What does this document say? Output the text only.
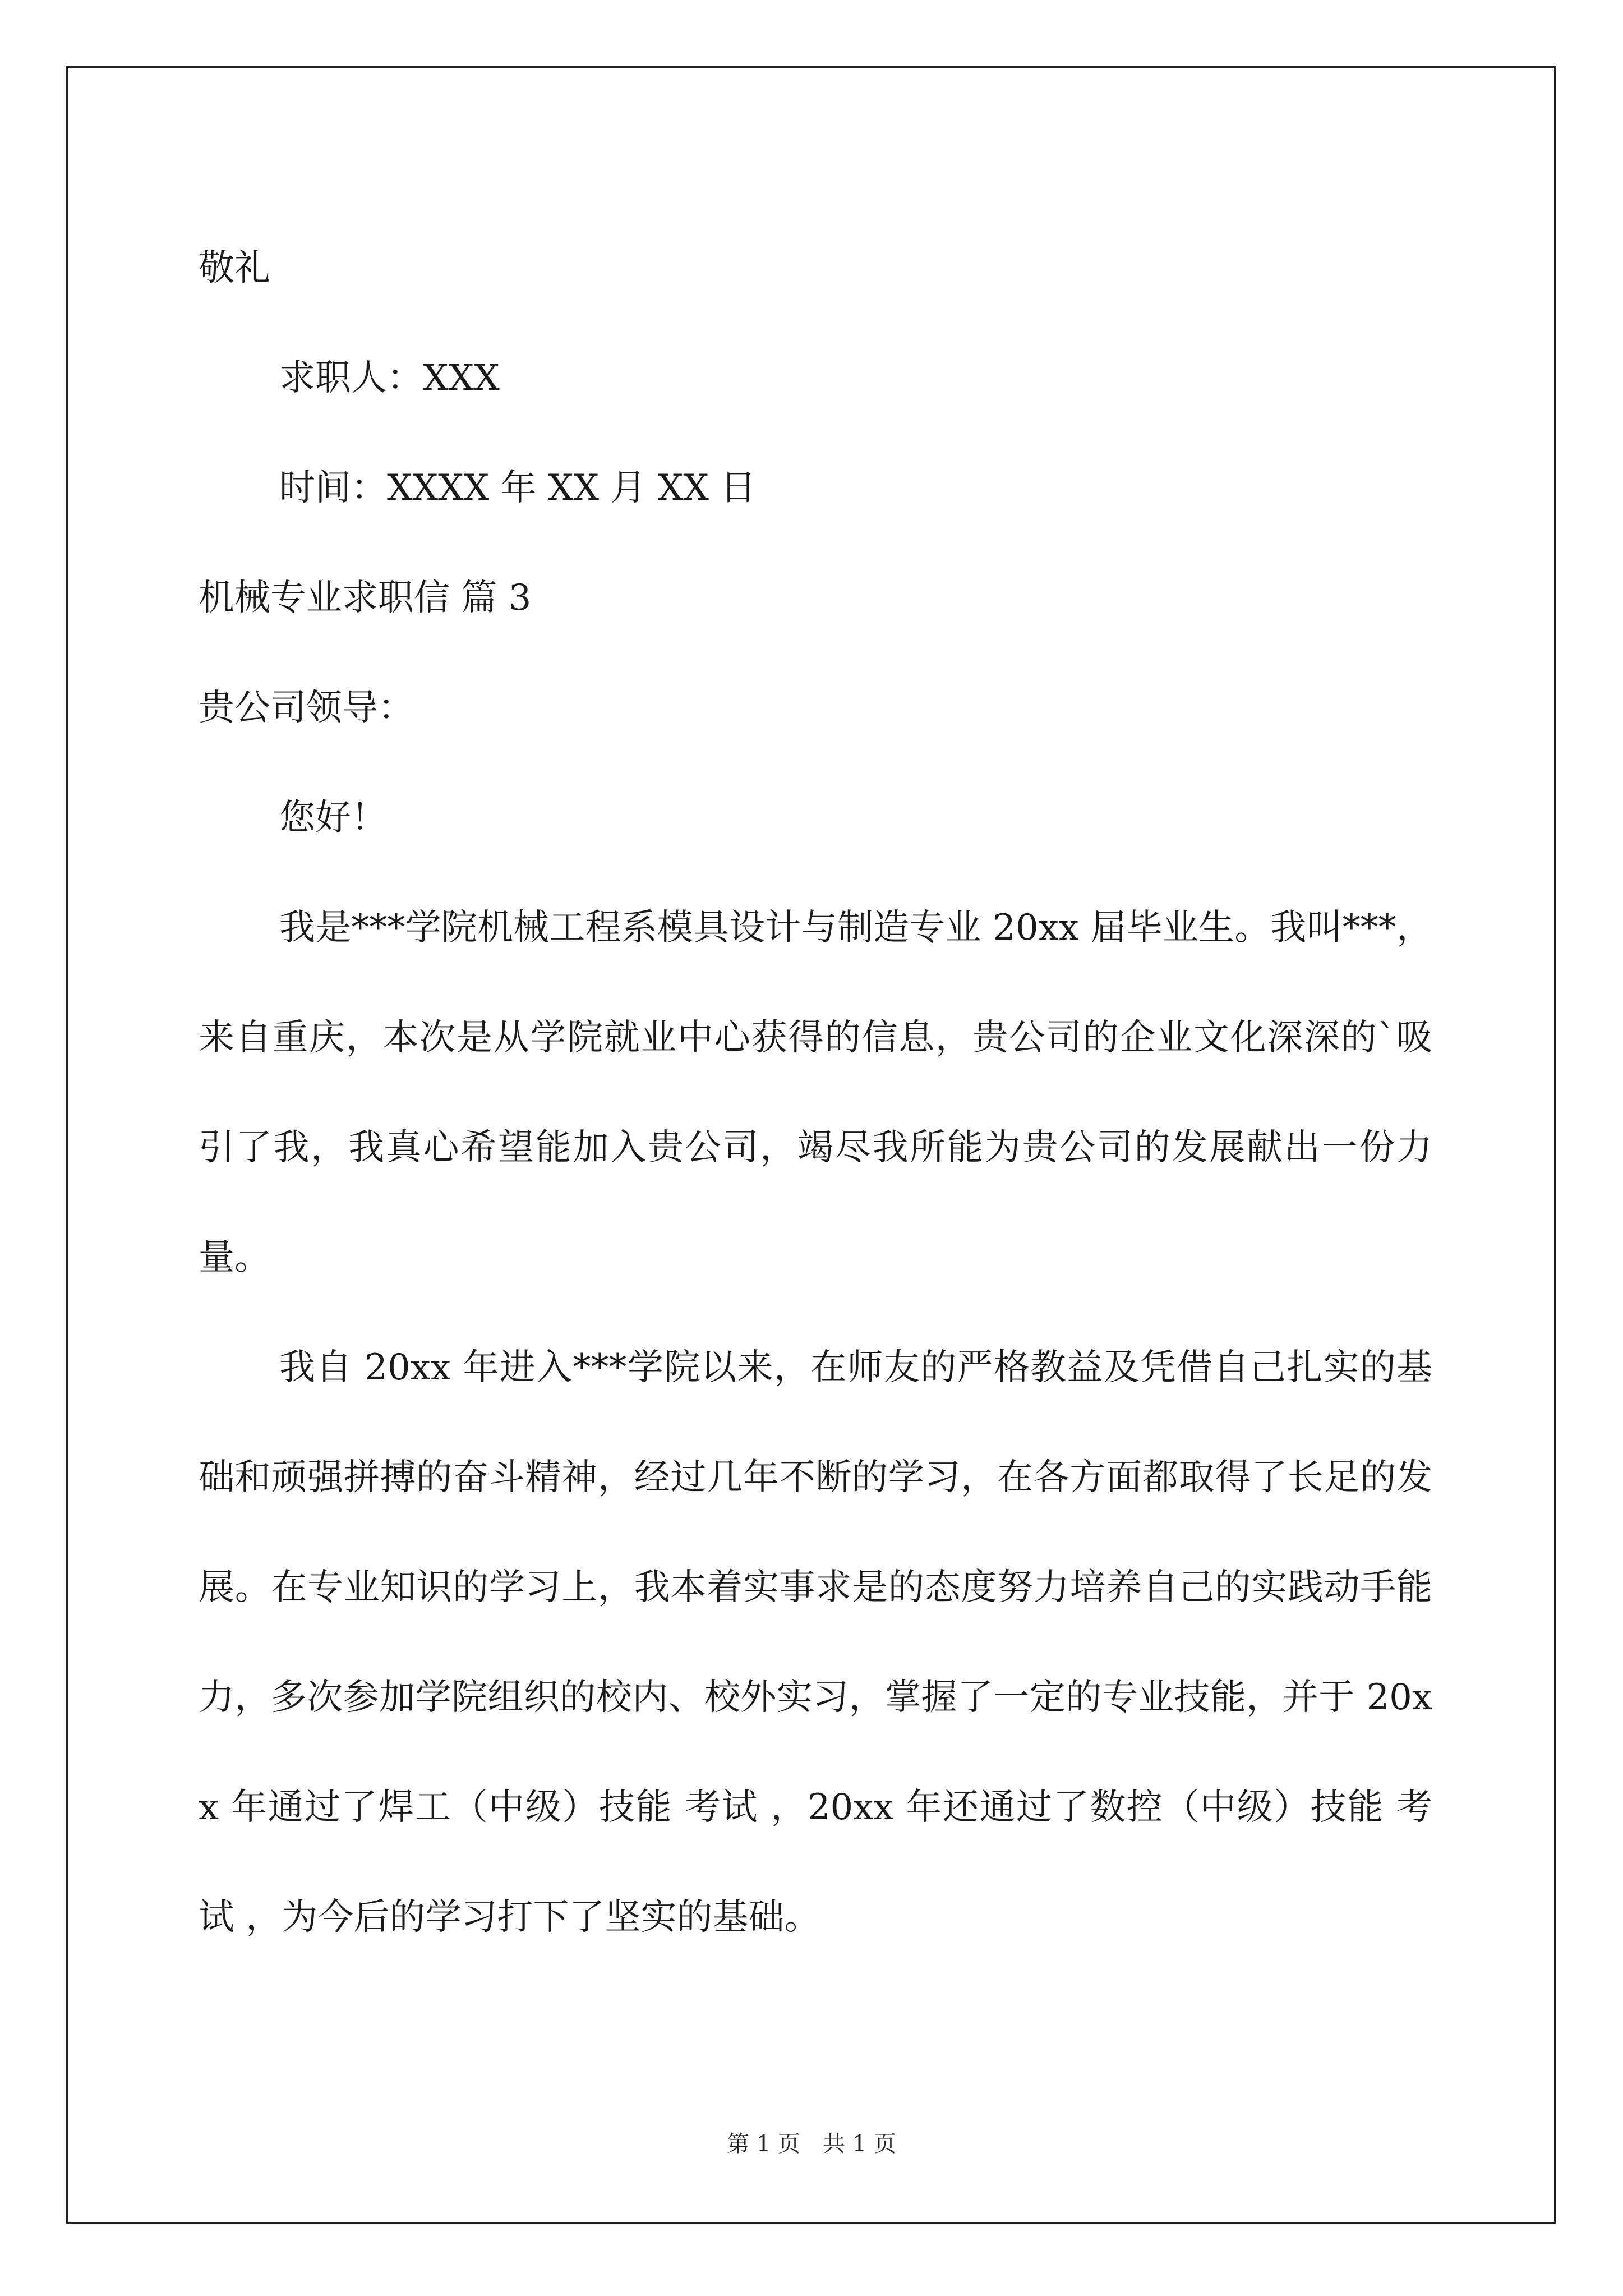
敬礼

求职人：XXX

时间：XXXX 年 XX 月 XX 日

机械专业求职信 篇 3

贵公司领导：

您好！

我是***学院机械工程系模具设计与制造专业 20xx 届毕业生。我叫***，来自重庆，本次是从学院就业中心获得的信息，贵公司的企业文化深深的`吸引了我，我真心希望能加入贵公司，竭尽我所能为贵公司的发展献出一份力量。

我自 20xx 年进入***学院以来，在师友的严格教益及凭借自己扎实的基础和顽强拼搏的奋斗精神，经过几年不断的学习，在各方面都取得了长足的发展。在专业知识的学习上，我本着实事求是的态度努力培养自己的实践动手能力，多次参加学院组织的校内、校外实习，掌握了一定的专业技能，并于 20xx 年通过了焊工（中级）技能 考试 ，20xx 年还通过了数控（中级）技能 考试 ，为今后的学习打下了坚实的基础。

第 1 页　共 1 页
